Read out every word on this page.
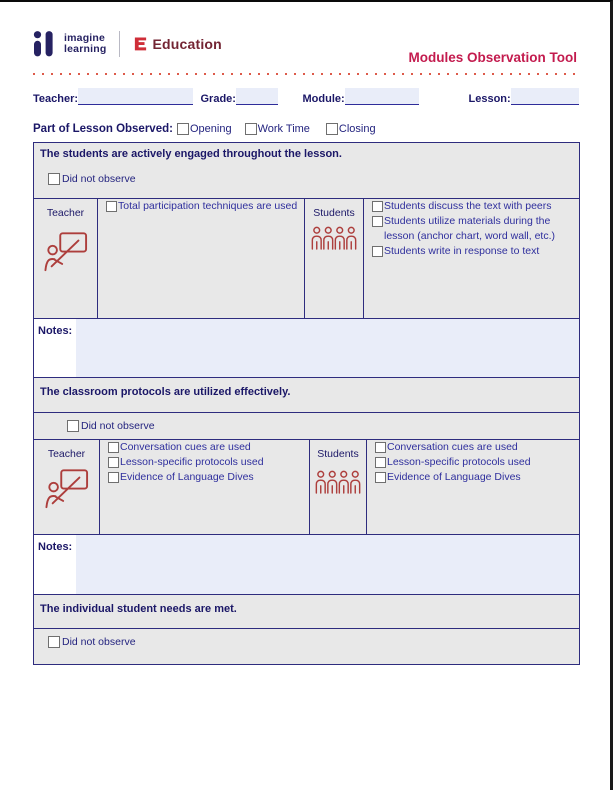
imagine
learning	Education
Modules Observation Tool
Teacher:	Grade:	Module:	Lesson:
Part of Lesson Observed: Opening Work Time	Closing
The students are actively engaged throughout the lesson.
Did not observe
Teacher
Total participation techniques are used
Students
Students discuss the text with peers
Students utilize materials during the lesson (anchor chart, word wall, etc.)
Students write in response to text
Notes:
The classroom protocols are utilized effectively.
Did not observe
Teacher
Conversation cues are used
Lesson-specific protocols used
Evidence of Language Dives
Students
Conversation cues are used
Lesson-specific protocols used
Evidence of Language Dives
Notes:
The individual student needs are met.
Did not observe
